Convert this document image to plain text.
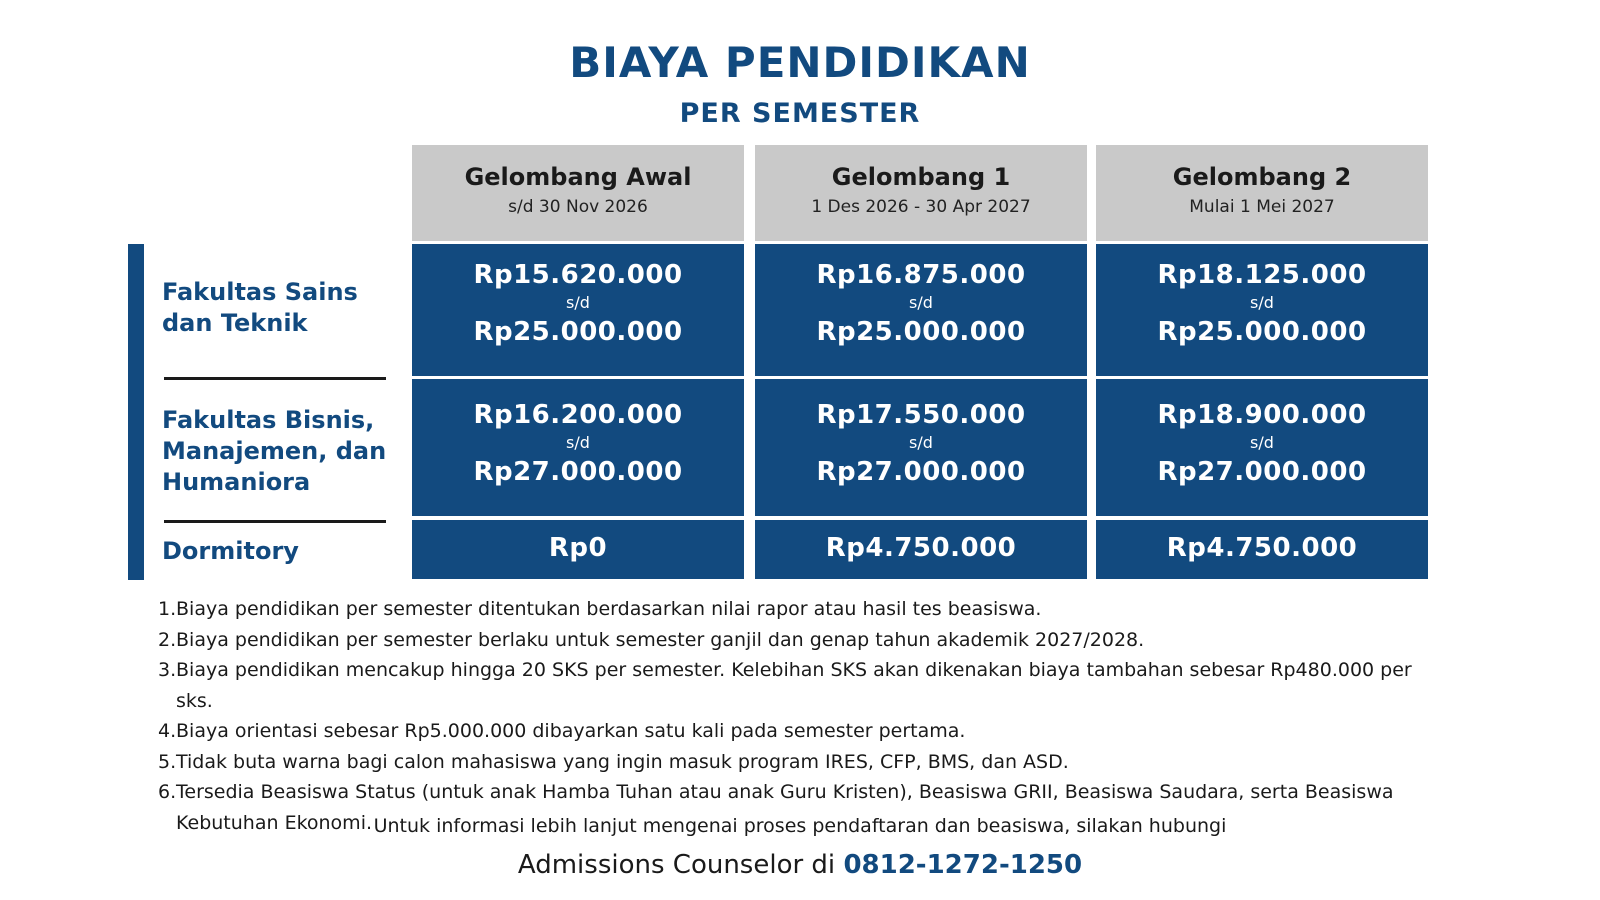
BIAYA PENDIDIKAN
PER SEMESTER
Gelombang Awal
s/d 30 Nov 2026
Gelombang 1
1 Des 2026 - 30 Apr 2027
Gelombang 2
Mulai 1 Mei 2027
Fakultas Sains
dan Teknik
Fakultas Bisnis,
Manajemen, dan
Humaniora
Dormitory
Rp15.620.000
s/d
Rp25.000.000
Rp16.875.000
s/d
Rp25.000.000
Rp18.125.000
s/d
Rp25.000.000
Rp16.200.000
s/d
Rp27.000.000
Rp17.550.000
s/d
Rp27.000.000
Rp18.900.000
s/d
Rp27.000.000
Rp0	Rp4.750.000	Rp4.750.000
1. Biaya pendidikan per semester ditentukan berdasarkan nilai rapor atau hasil tes beasiswa.
2. Biaya pendidikan per semester berlaku untuk semester ganjil dan genap tahun akademik 2027/2028.
3. Biaya pendidikan mencakup hingga 20 SKS per semester. Kelebihan SKS akan dikenakan biaya tambahan sebesar Rp480.000 per sks.
4. Biaya orientasi sebesar Rp5.000.000 dibayarkan satu kali pada semester pertama.
5. Tidak buta warna bagi calon mahasiswa yang ingin masuk program IRES, CFP, BMS, dan ASD.
6. Tersedia Beasiswa Status (untuk anak Hamba Tuhan atau anak Guru Kristen), Beasiswa GRII, Beasiswa Saudara, serta Beasiswa Kebutuhan Ekonomi. Untuk informasi lebih lanjut mengenai proses pendaftaran dan beasiswa, silakan hubungi
Admissions Counselor di 0812-1272-1250
